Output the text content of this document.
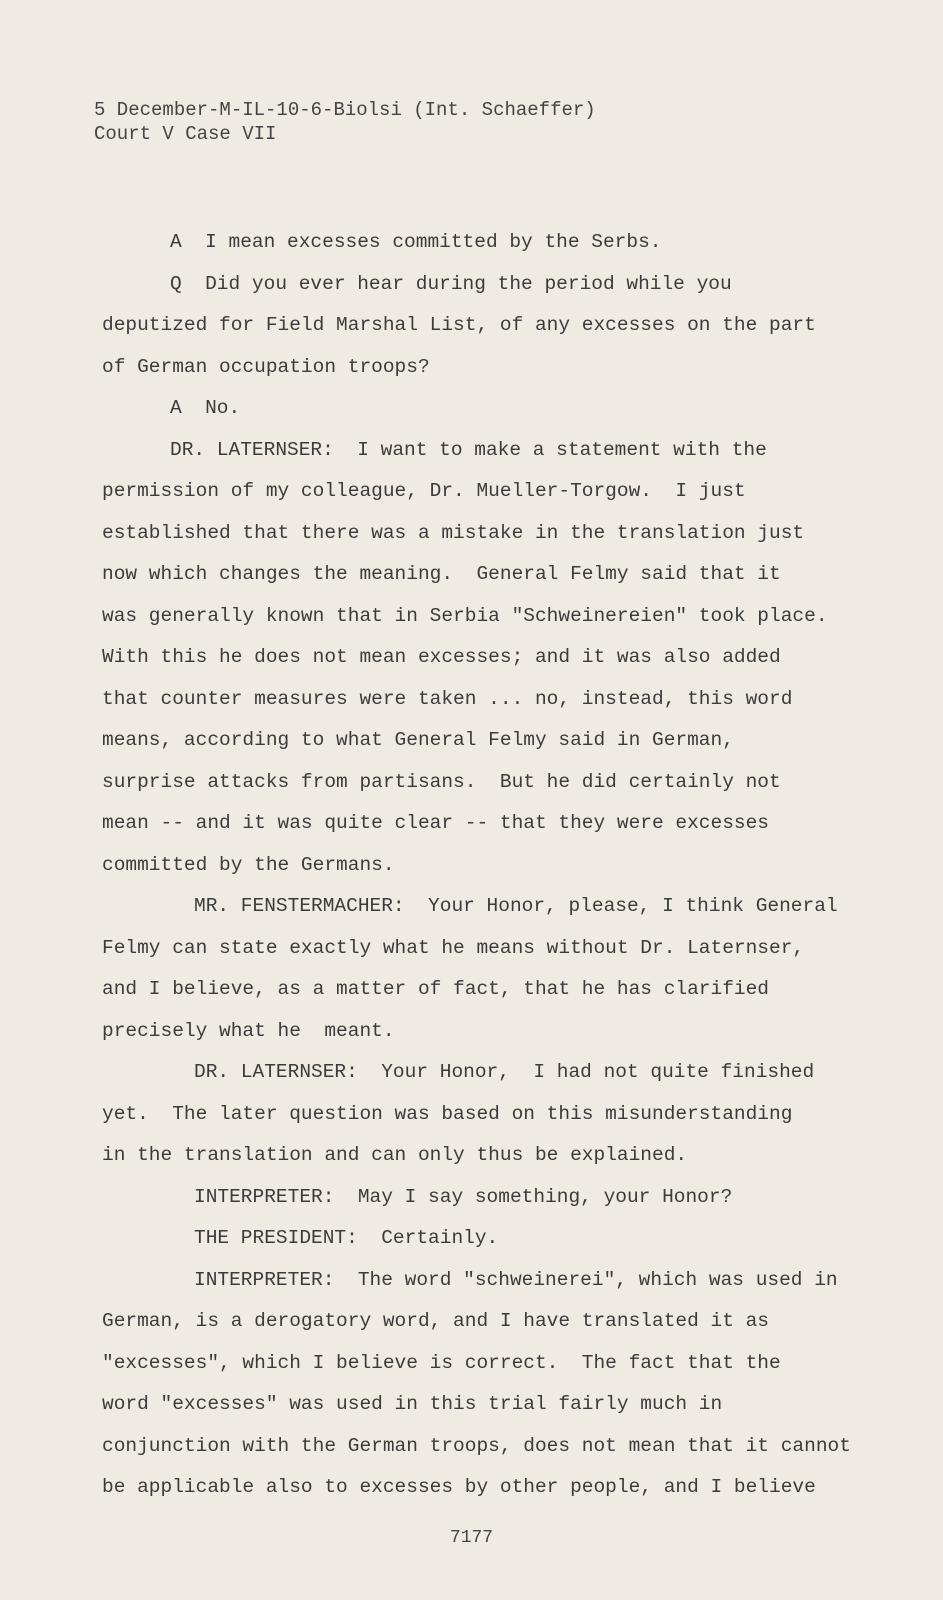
5 December-M-IL-10-6-Biolsi (Int. Schaeffer)
Court V Case VII
A  I mean excesses committed by the Serbs.
Q  Did you ever hear during the period while you
deputized for Field Marshal List, of any excesses on the part
of German occupation troops?
A  No.
DR. LATERNSER:  I want to make a statement with the
permission of my colleague, Dr. Mueller-Torgow.  I just
established that there was a mistake in the translation just
now which changes the meaning.  General Felmy said that it
was generally known that in Serbia "Schweinereien" took place.
With this he does not mean excesses; and it was also added
that counter measures were taken ... no, instead, this word
means, according to what General Felmy said in German,
surprise attacks from partisans.  But he did certainly not
mean -- and it was quite clear -- that they were excesses
committed by the Germans.
MR. FENSTERMACHER:  Your Honor, please, I think General
Felmy can state exactly what he means without Dr. Laternser,
and I believe, as a matter of fact, that he has clarified
precisely what he  meant.
DR. LATERNSER:  Your Honor,  I had not quite finished
yet.  The later question was based on this misunderstanding
in the translation and can only thus be explained.
INTERPRETER:  May I say something, your Honor?
THE PRESIDENT:  Certainly.
INTERPRETER:  The word "schweinerei", which was used in
German, is a derogatory word, and I have translated it as
"excesses", which I believe is correct.  The fact that the
word "excesses" was used in this trial fairly much in
conjunction with the German troops, does not mean that it cannot
be applicable also to excesses by other people, and I believe
7177
